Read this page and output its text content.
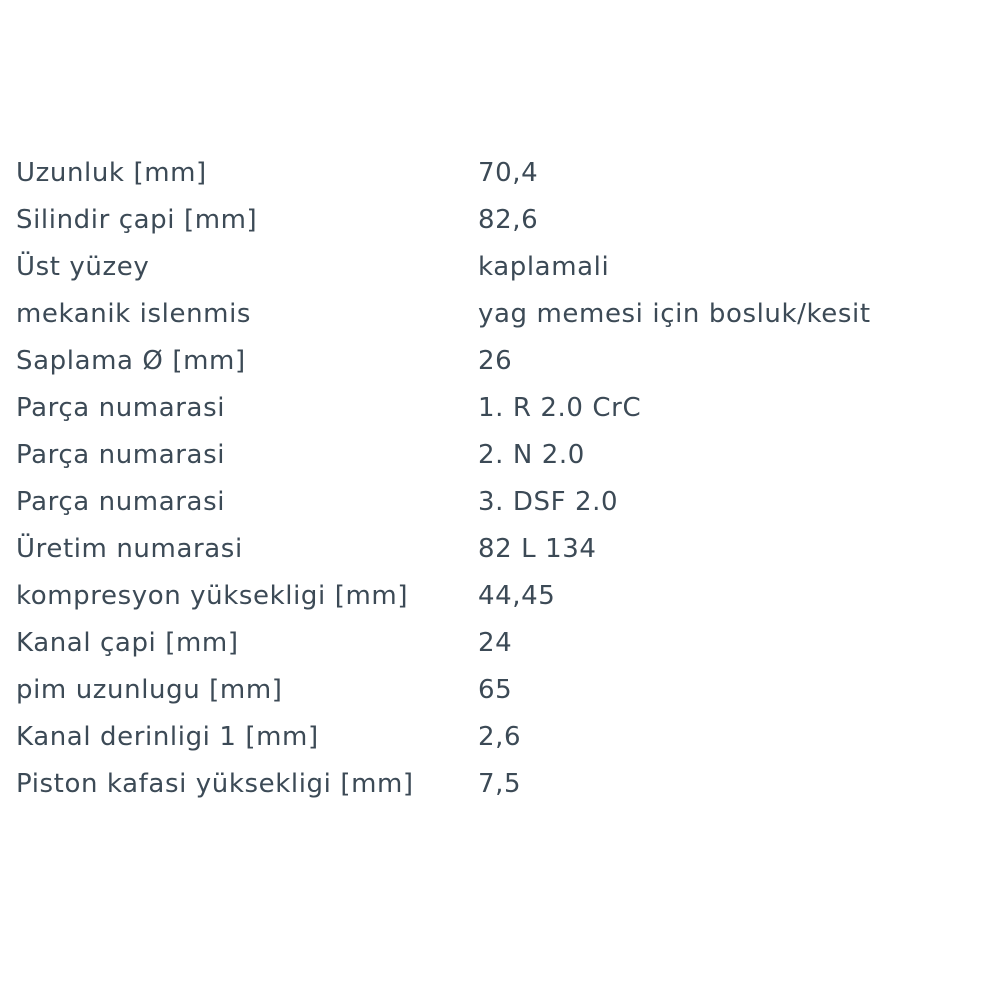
Uzunluk [mm]	70,4
Silindir çapi [mm]	82,6
Üst yüzey	kaplamali
mekanik islenmis	yag memesi için bosluk/kesit
Saplama Ø [mm]	26
Parça numarasi	1. R 2.0 CrC
Parça numarasi	2. N 2.0
Parça numarasi	3. DSF 2.0
Üretim numarasi	82 L 134
kompresyon yüksekligi [mm]	44,45
Kanal çapi [mm]	24
pim uzunlugu [mm]	65
Kanal derinligi 1 [mm]	2,6
Piston kafasi yüksekligi [mm]	7,5
